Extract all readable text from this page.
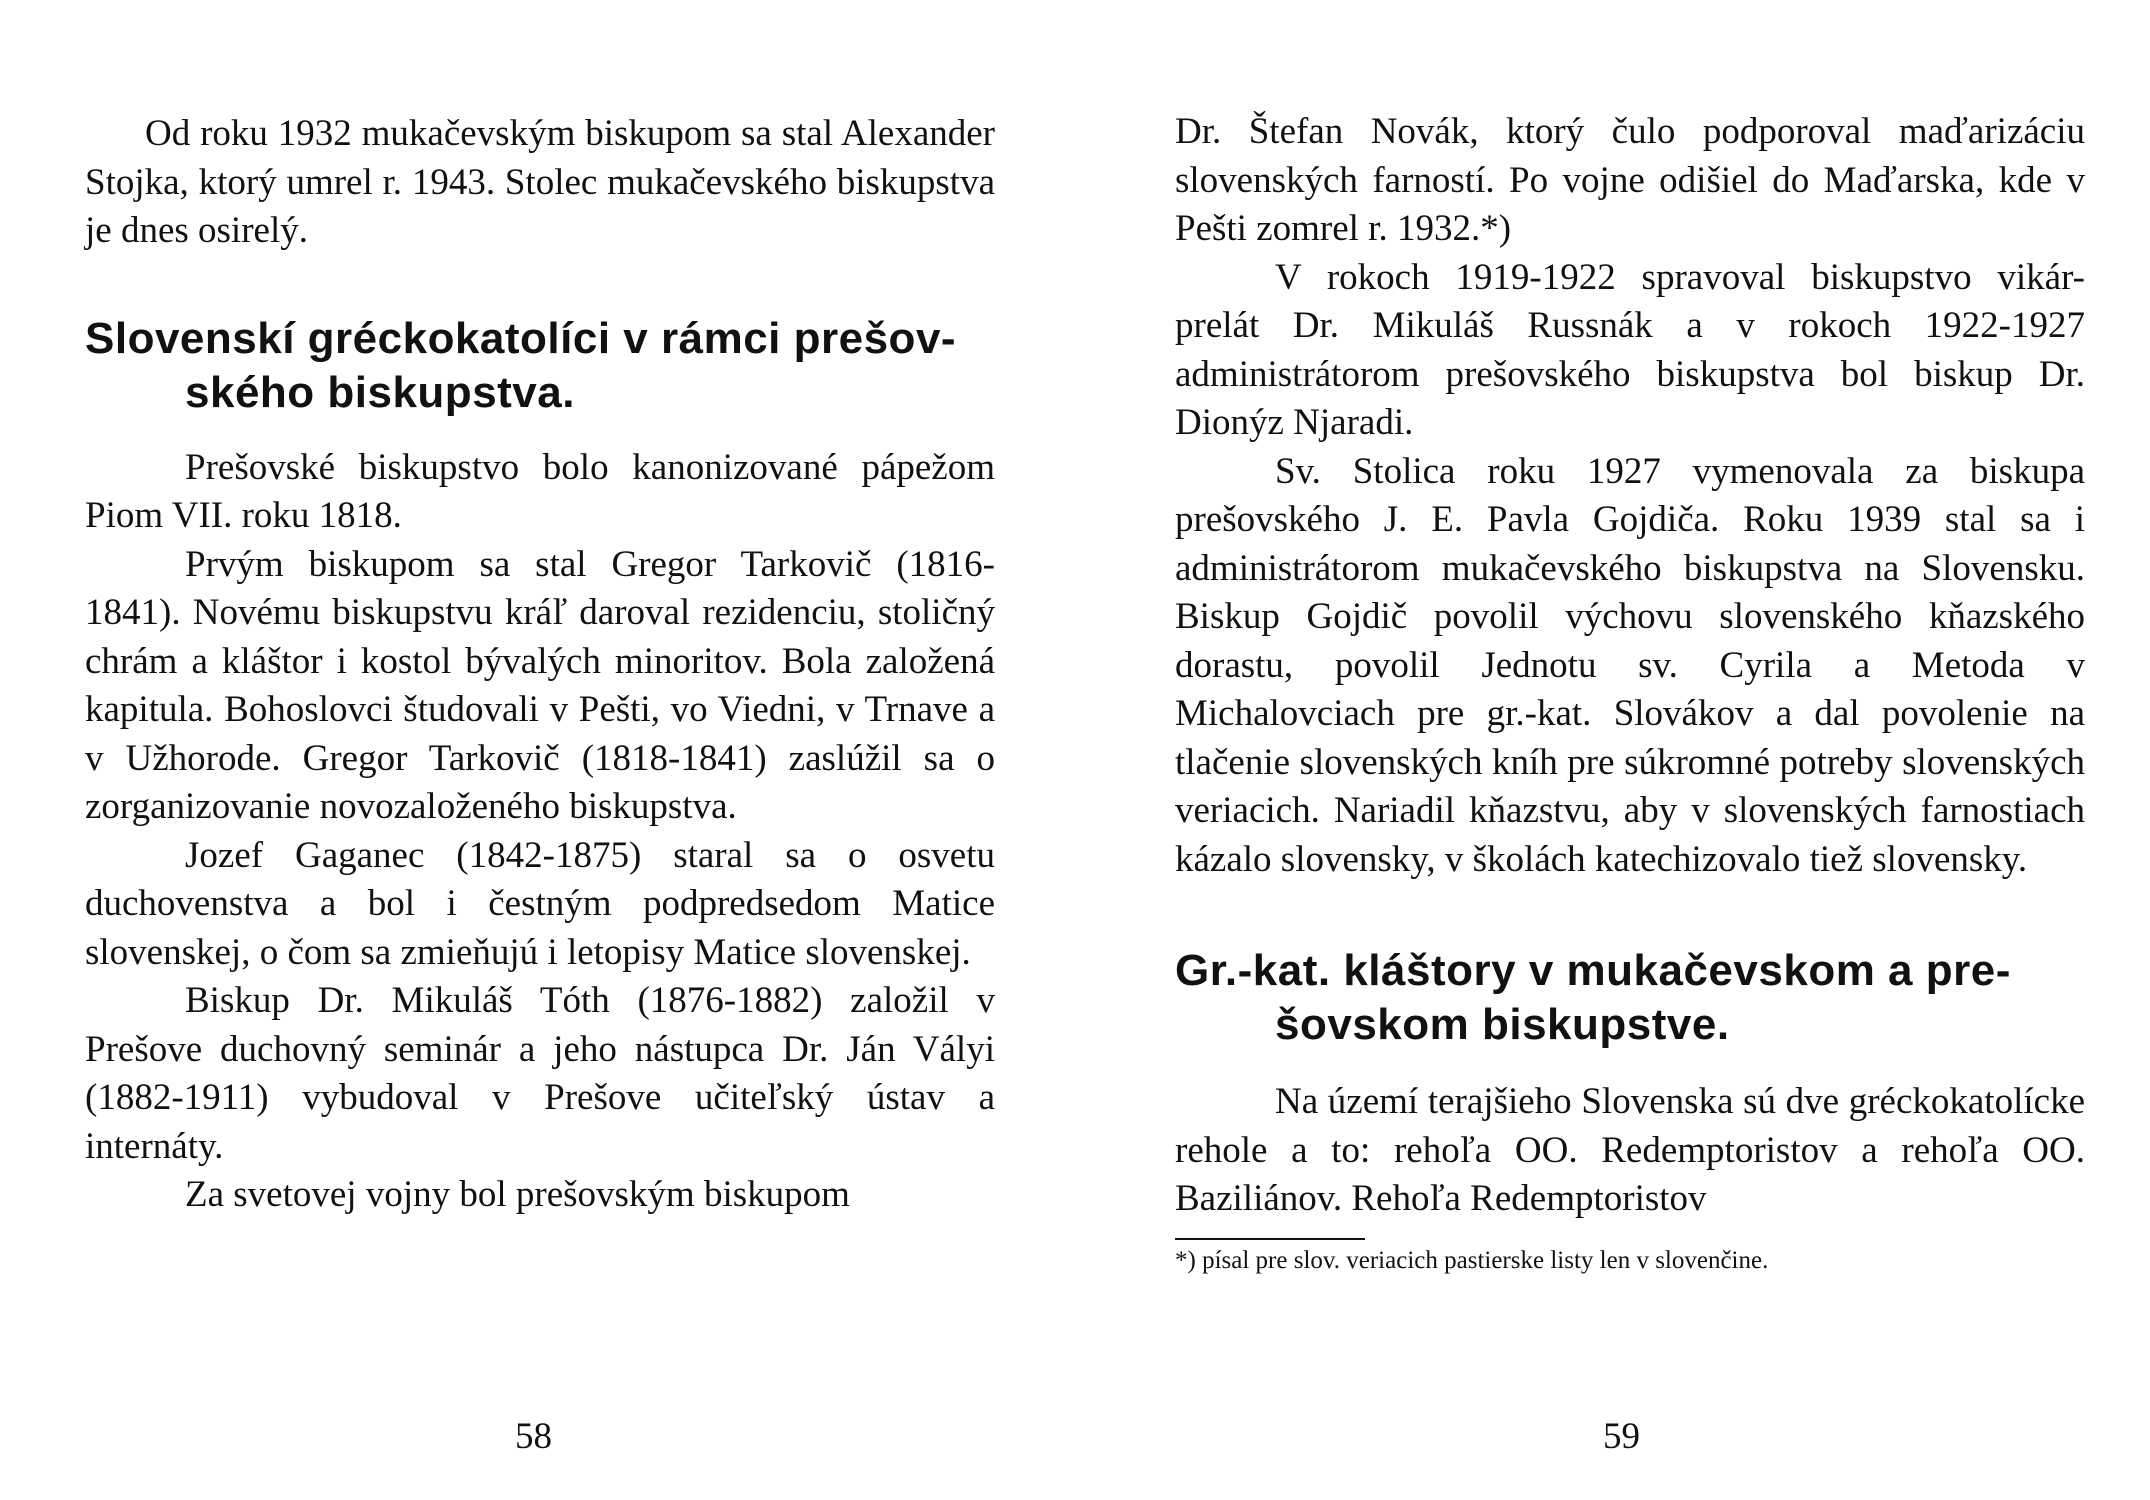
Od roku 1932 mukačevským biskupom sa stal Alexander Stojka, ktorý umrel r. 1943. Stolec mukačevského biskupstva je dnes osirelý.

Slovenskí gréckokatolíci v rámci prešovského biskupstva.

Prešovské biskupstvo bolo kanonizované pápežom Piom VII. roku 1818.

Prvým biskupom sa stal Gregor Tarkovič (1816-1841). Novému biskupstvu kráľ daroval rezidenciu, stoličný chrám a kláštor i kostol bývalých minoritov. Bola založená kapitula. Bohoslovci študovali v Pešti, vo Viedni, v Trnave a v Užhorode. Gregor Tarkovič (1818-1841) zaslúžil sa o zorganizovanie novozaloženého biskupstva.

Jozef Gaganec (1842-1875) staral sa o osvetu duchovenstva a bol i čestným podpredsedom Matice slovenskej, o čom sa zmieňujú i letopisy Matice slovenskej.

Biskup Dr. Mikuláš Tóth (1876-1882) založil v Prešove duchovný seminár a jeho nástupca Dr. Ján Vályi (1882-1911) vybudoval v Prešove učiteľský ústav a internáty.

Za svetovej vojny bol prešovským biskupom

58

Dr. Štefan Novák, ktorý čulo podporoval maďarizáciu slovenských farností. Po vojne odišiel do Maďarska, kde v Pešti zomrel r. 1932.*)

V rokoch 1919-1922 spravoval biskupstvo vikár-prelát Dr. Mikuláš Russnák a v rokoch 1922-1927 administrátorom prešovského biskupstva bol biskup Dr. Dionýz Njaradi.

Sv. Stolica roku 1927 vymenovala za biskupa prešovského J. E. Pavla Gojdiča. Roku 1939 stal sa i administrátorom mukačevského biskupstva na Slovensku. Biskup Gojdič povolil výchovu slovenského kňazského dorastu, povolil Jednotu sv. Cyrila a Metoda v Michalovciach pre gr.-kat. Slovákov a dal povolenie na tlačenie slovenských kníh pre súkromné potreby slovenských veriacich. Nariadil kňazstvu, aby v slovenských farnostiach kázalo slovensky, v školách katechizovalo tiež slovensky.

Gr.-kat. kláštory v mukačevskom a prešovskom biskupstve.

Na území terajšieho Slovenska sú dve gréckokatolícke rehole a to: rehoľa OO. Redemptoristov a rehoľa OO. Baziliánov. Rehoľa Redemptoristov

*) písal pre slov. veriacich pastierske listy len v slovenčine.

59
